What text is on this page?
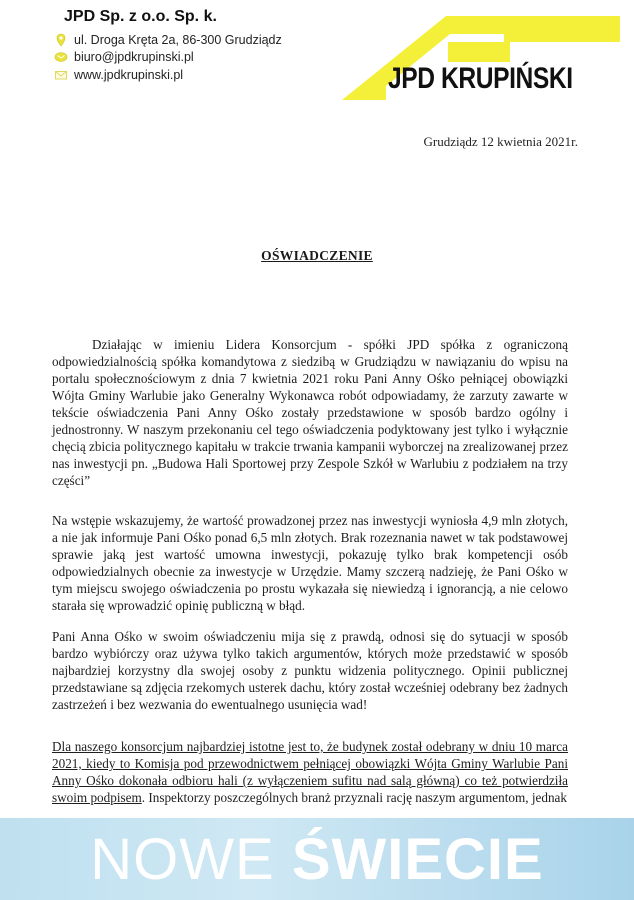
JPD Sp. z o.o. Sp. k.
ul. Droga Kręta 2a, 86-300 Grudziądz
biuro@jpdkrupinski.pl
www.jpdkrupinski.pl	JPD KRUPIŃSKI
Grudziądz 12 kwietnia 2021r.
OŚWIADCZENIE

Działając w imieniu Lidera Konsorcjum - spółki JPD spółka z ograniczoną odpowiedzialnością spółka komandytowa z siedzibą w Grudziądzu w nawiązaniu do wpisu na portalu społecznościowym z dnia 7 kwietnia 2021 roku Pani Anny Ośko pełniącej obowiązki Wójta Gminy Warlubie jako Generalny Wykonawca robót odpowiadamy, że zarzuty zawarte w tekście oświadczenia Pani Anny Ośko zostały przedstawione w sposób bardzo ogólny i jednostronny. W naszym przekonaniu cel tego oświadczenia podyktowany jest tylko i wyłącznie chęcią zbicia politycznego kapitału w trakcie trwania kampanii wyborczej na zrealizowanej przez nas inwestycji pn. „Budowa Hali Sportowej przy Zespole Szkół w Warlubiu z podziałem na trzy części”

Na wstępie wskazujemy, że wartość prowadzonej przez nas inwestycji wyniosła 4,9 mln złotych, a nie jak informuje Pani Ośko ponad 6,5 mln złotych. Brak rozeznania nawet w tak podstawowej sprawie jaką jest wartość umowna inwestycji, pokazuję tylko brak kompetencji osób odpowiedzialnych obecnie za inwestycje w Urzędzie. Mamy szczerą nadzieję, że Pani Ośko w tym miejscu swojego oświadczenia po prostu wykazała się niewiedzą i ignorancją, a nie celowo starała się wprowadzić opinię publiczną w błąd.

Pani Anna Ośko w swoim oświadczeniu mija się z prawdą, odnosi się do sytuacji w sposób bardzo wybiórczy oraz używa tylko takich argumentów, których może przedstawić w sposób najbardziej korzystny dla swojej osoby z punktu widzenia politycznego. Opinii publicznej przedstawiane są zdjęcia rzekomych usterek dachu, który został wcześniej odebrany bez żadnych zastrzeżeń i bez wezwania do ewentualnego usunięcia wad!

Dla naszego konsorcjum najbardziej istotne jest to, że budynek został odebrany w dniu 10 marca 2021, kiedy to Komisja pod przewodnictwem pełniącej obowiązki Wójta Gminy Warlubie Pani Anny Ośko dokonała odbioru hali (z wyłączeniem sufitu nad salą główną) co też potwierdziła swoim podpisem. Inspektorzy poszczególnych branż przyznali rację naszym argumentom, jednak

NOWE ŚWIECIE
